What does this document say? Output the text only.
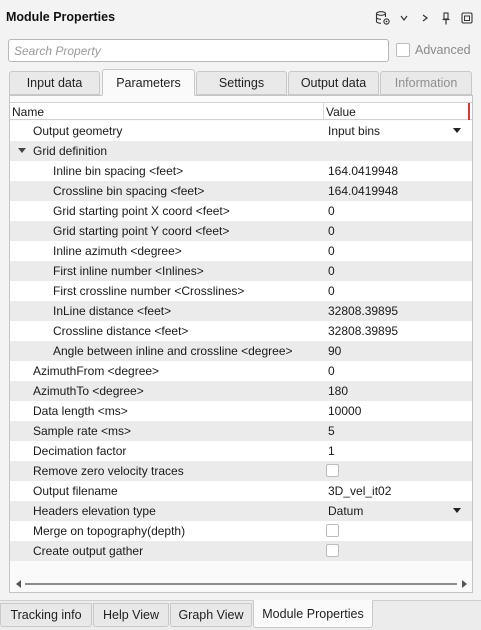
Module Properties
Search Property
Advanced
Input data	Parameters	Settings	Output data Information
Name	Value
Output geometry	Input bins
Grid definition
Inline bin spacing <feet>	164.0419948
Crossline bin spacing <feet>	164.0419948
Grid starting point X coord <feet>	0
Grid starting point Y coord <feet>	0
Inline azimuth <degree>	0
First inline number <Inlines>	0
First crossline number <Crosslines>	0
InLine distance <feet>	32808.39895
Crossline distance <feet>	32808.39895
Angle between inline and crossline <degree>	90
AzimuthFrom <degree>	0
AzimuthTo <degree>	180
Data length <ms>	10000
Sample rate <ms>	5
Decimation factor	1
Remove zero velocity traces
Output filename	3D_vel_it02
Headers elevation type	Datum
Merge on topography(depth)
Create output gather
Tracking info Help View Graph View Module Properties
